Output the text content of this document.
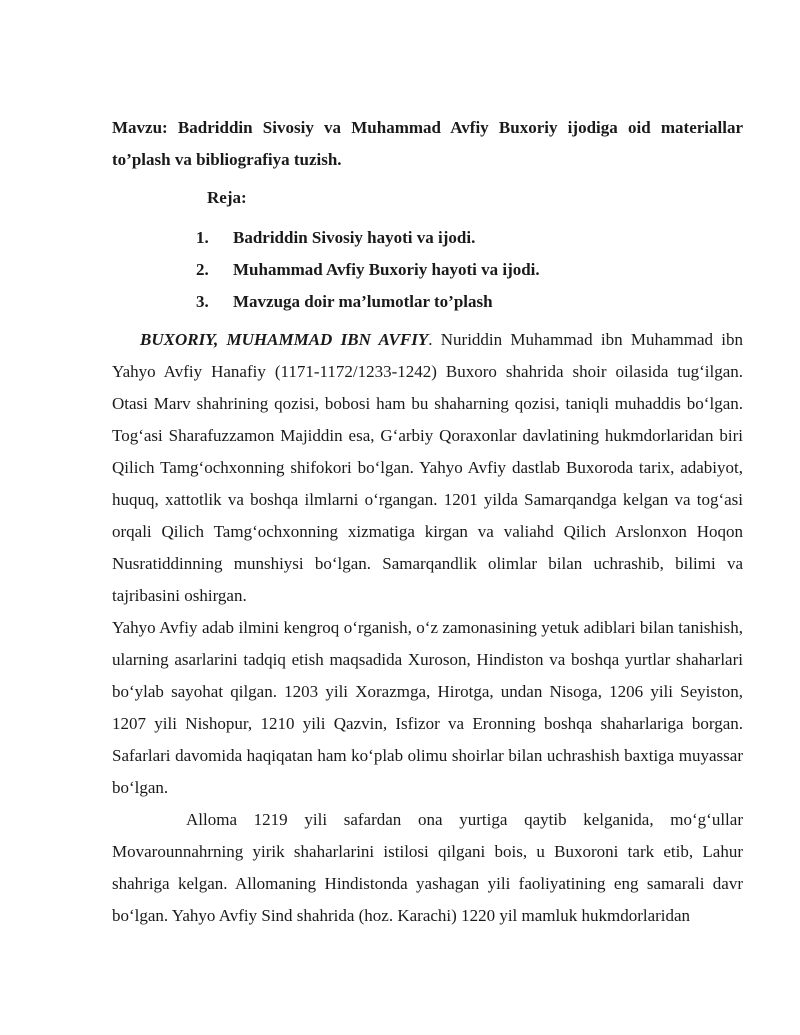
Mavzu: Badriddin Sivosiy va Muhammad Avfiy Buxoriy ijodiga oid materiallar to’plash va bibliografiya tuzish.
Reja:
1.	Badriddin Sivosiy hayoti va ijodi.
2.	Muhammad Avfiy Buxoriy hayoti va ijodi.
3.	Mavzuga doir ma’lumotlar to’plash

BUXORIY, MUHAMMAD IBN AVFIY. Nuriddin Muhammad ibn Muhammad ibn Yahyo Avfiy Hanafiy (1171-1172/1233-1242) Buxoro shahrida shoir oilasida tug‘ilgan. Otasi Marv shahrining qozisi, bobosi ham bu shaharning qozisi, taniqli muhaddis bo‘lgan. Tog‘asi Sharafuzzamon Majiddin esa, G‘arbiy Qoraxonlar davlatining hukmdorlaridan biri Qilich Tamg‘ochxonning shifokori bo‘lgan. Yahyo Avfiy dastlab Buxoroda tarix, adabiyot, huquq, xattotlik va boshqa ilmlarni o‘rgangan. 1201 yilda Samarqandga kelgan va tog‘asi orqali Qilich Tamg‘ochxonning xizmatiga kirgan va valiahd Qilich Arslonxon Hoqon Nusratiddinning munshiysi bo‘lgan. Samarqandlik olimlar bilan uchrashib, bilimi va tajribasini oshirgan.

Yahyo Avfiy adab ilmini kengroq o‘rganish, o‘z zamonasining yetuk adiblari bilan tanishish, ularning asarlarini tadqiq etish maqsadida Xuroson, Hindiston va boshqa yurtlar shaharlari bo‘ylab sayohat qilgan. 1203 yili Xorazmga, Hirotga, undan Nisoga, 1206 yili Seyiston, 1207 yili Nishopur, 1210 yili Qazvin, Isfizor va Eronning boshqa shaharlariga borgan. Safarlari davomida haqiqatan ham ko‘plab olimu shoirlar bilan uchrashish baxtiga muyassar bo‘lgan.

Alloma 1219 yili safardan ona yurtiga qaytib kelganida, mo‘g‘ullar Movarounnahrning yirik shaharlarini istilosi qilgani bois, u Buxoroni tark etib, Lahur shahriga kelgan. Allomaning Hindistonda yashagan yili faoliyatining eng samarali davr bo‘lgan. Yahyo Avfiy Sind shahrida (hoz. Karachi) 1220 yil mamluk hukmdorlaridan
